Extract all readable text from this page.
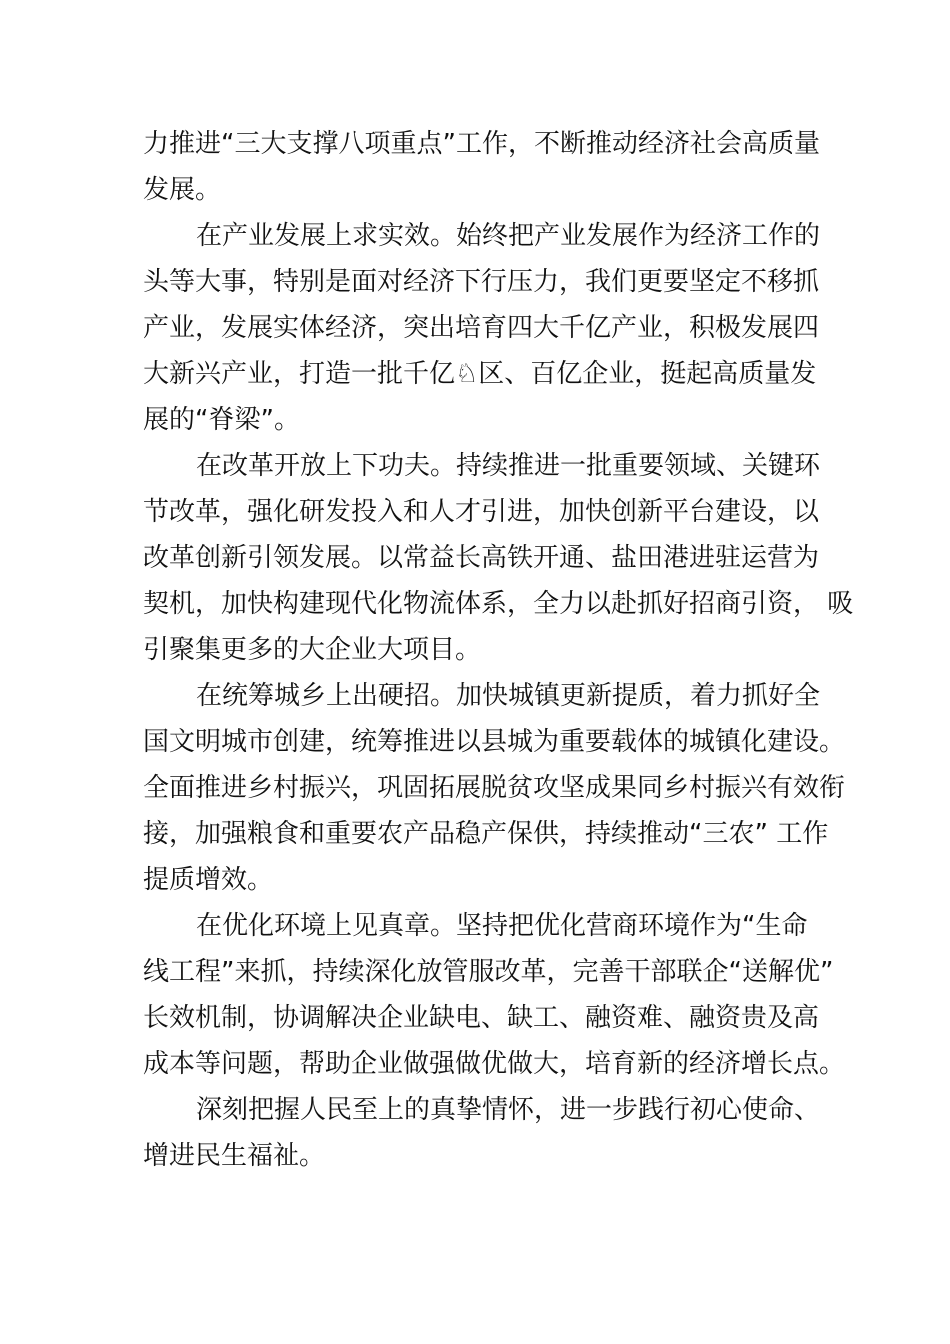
力推进“三大支撑八项重点”工作，不断推动经济社会高质量

发展。

在产业发展上求实效。始终把产业发展作为经济工作的

头等大事，特别是面对经济下行压力，我们更要坚定不移抓

产业，发展实体经济，突出培育四大千亿产业，积极发展四

大新兴产业，打造一批千亿♘区、百亿企业，挺起高质量发

展的“脊梁”。

在改革开放上下功夫。持续推进一批重要领域、关键环

节改革，强化研发投入和人才引进，加快创新平台建设，以

改革创新引领发展。以常益长高铁开通、盐田港进驻运营为

契机，加快构建现代化物流体系，全力以赴抓好招商引资， 吸

引聚集更多的大企业大项目。

在统筹城乡上出硬招。加快城镇更新提质，着力抓好全

国文明城市创建，统筹推进以县城为重要载体的城镇化建设。

全面推进乡村振兴，巩固拓展脱贫攻坚成果同乡村振兴有效衔

接，加强粮食和重要农产品稳产保供，持续推动“三农” 工作

提质增效。

在优化环境上见真章。坚持把优化营商环境作为“生命

线工程”来抓，持续深化放管服改革，完善干部联企“送解优”

长效机制，协调解决企业缺电、缺工、融资难、融资贵及高

成本等问题，帮助企业做强做优做大，培育新的经济增长点。

深刻把握人民至上的真挚情怀，进一步践行初心使命、

增进民生福祉。
